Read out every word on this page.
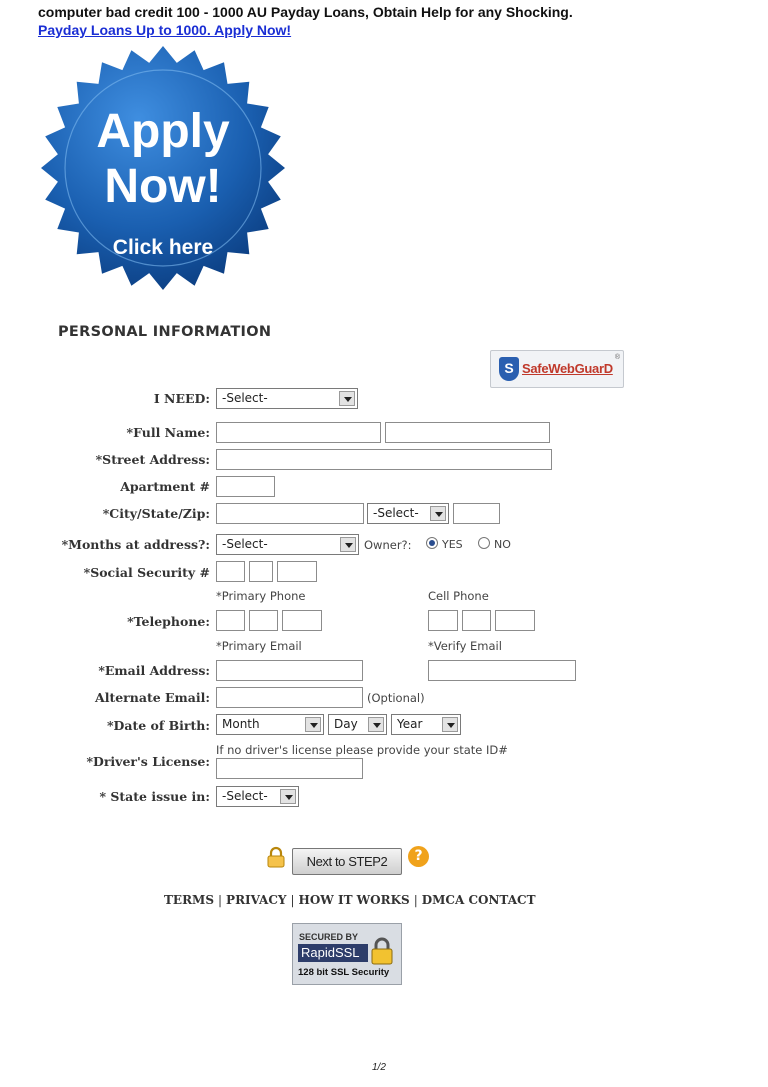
computer bad credit 100 - 1000 AU Payday Loans, Obtain Help for any Shocking.
Payday Loans Up to 1000. Apply Now!
Apply
Now!
Click here
PERSONAL INFORMATION
S SafeWebGuarD
®
I NEED:	-Select-
*Full Name:
*Street Address:
Apartment #
*City/State/Zip:	-Select-
*Months at address?:	-Select-	Owner?:	YES	NO
*Social Security #
*Primary Phone	Cell Phone
*Telephone:
*Primary Email	*Verify Email
*Email Address:
Alternate Email:	(Optional)
*Date of Birth:	Month	Day	Year
If no driver's license please provide your state ID#
*Driver's License:
* State issue in:	-Select-
Next to STEP2	?
TERMS | PRIVACY | HOW IT WORKS | DMCA CONTACT
SECURED BY
RapidSSL
128 bit SSL Security
1/2
